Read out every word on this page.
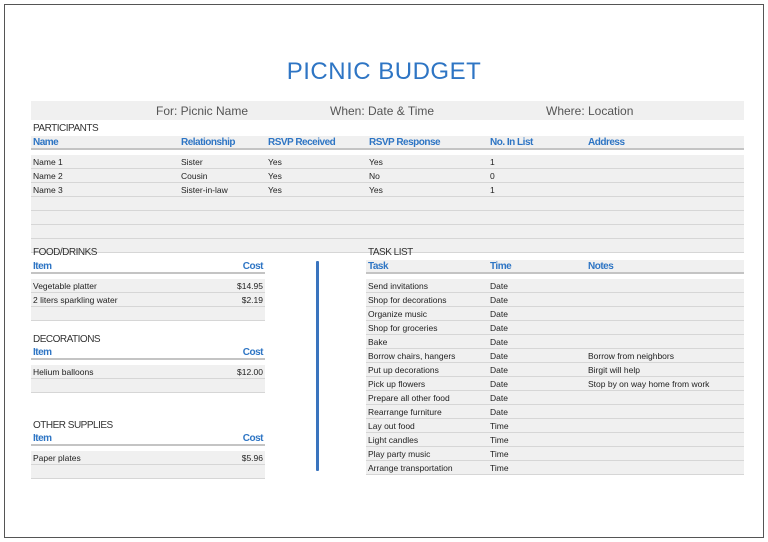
PICNIC BUDGET
For: Picnic Name	When: Date & Time	Where: Location
PARTICIPANTS
Name	Relationship	RSVP Received	RSVP Response	No. In List	Address
Name 1	Sister	Yes	Yes	1
Name 2	Cousin	Yes	No	0
Name 3	Sister-in-law	Yes	Yes	1
FOOD/DRINKS
Item	Cost
Vegetable platter	$14.95
2 liters sparkling water	$2.19
DECORATIONS
Item	Cost
Helium balloons	$12.00
OTHER SUPPLIES
Item	Cost
Paper plates	$5.96
TASK LIST
Task	Time	Notes
Send invitations	Date
Shop for decorations	Date
Organize music	Date
Shop for groceries	Date
Bake	Date
Borrow chairs, hangers	Date	Borrow from neighbors
Put up decorations	Date	Birgit will help
Pick up flowers	Date	Stop by on way home from work
Prepare all other food	Date
Rearrange furniture	Date
Lay out food	Time
Light candles	Time
Play party music	Time
Arrange transportation	Time
